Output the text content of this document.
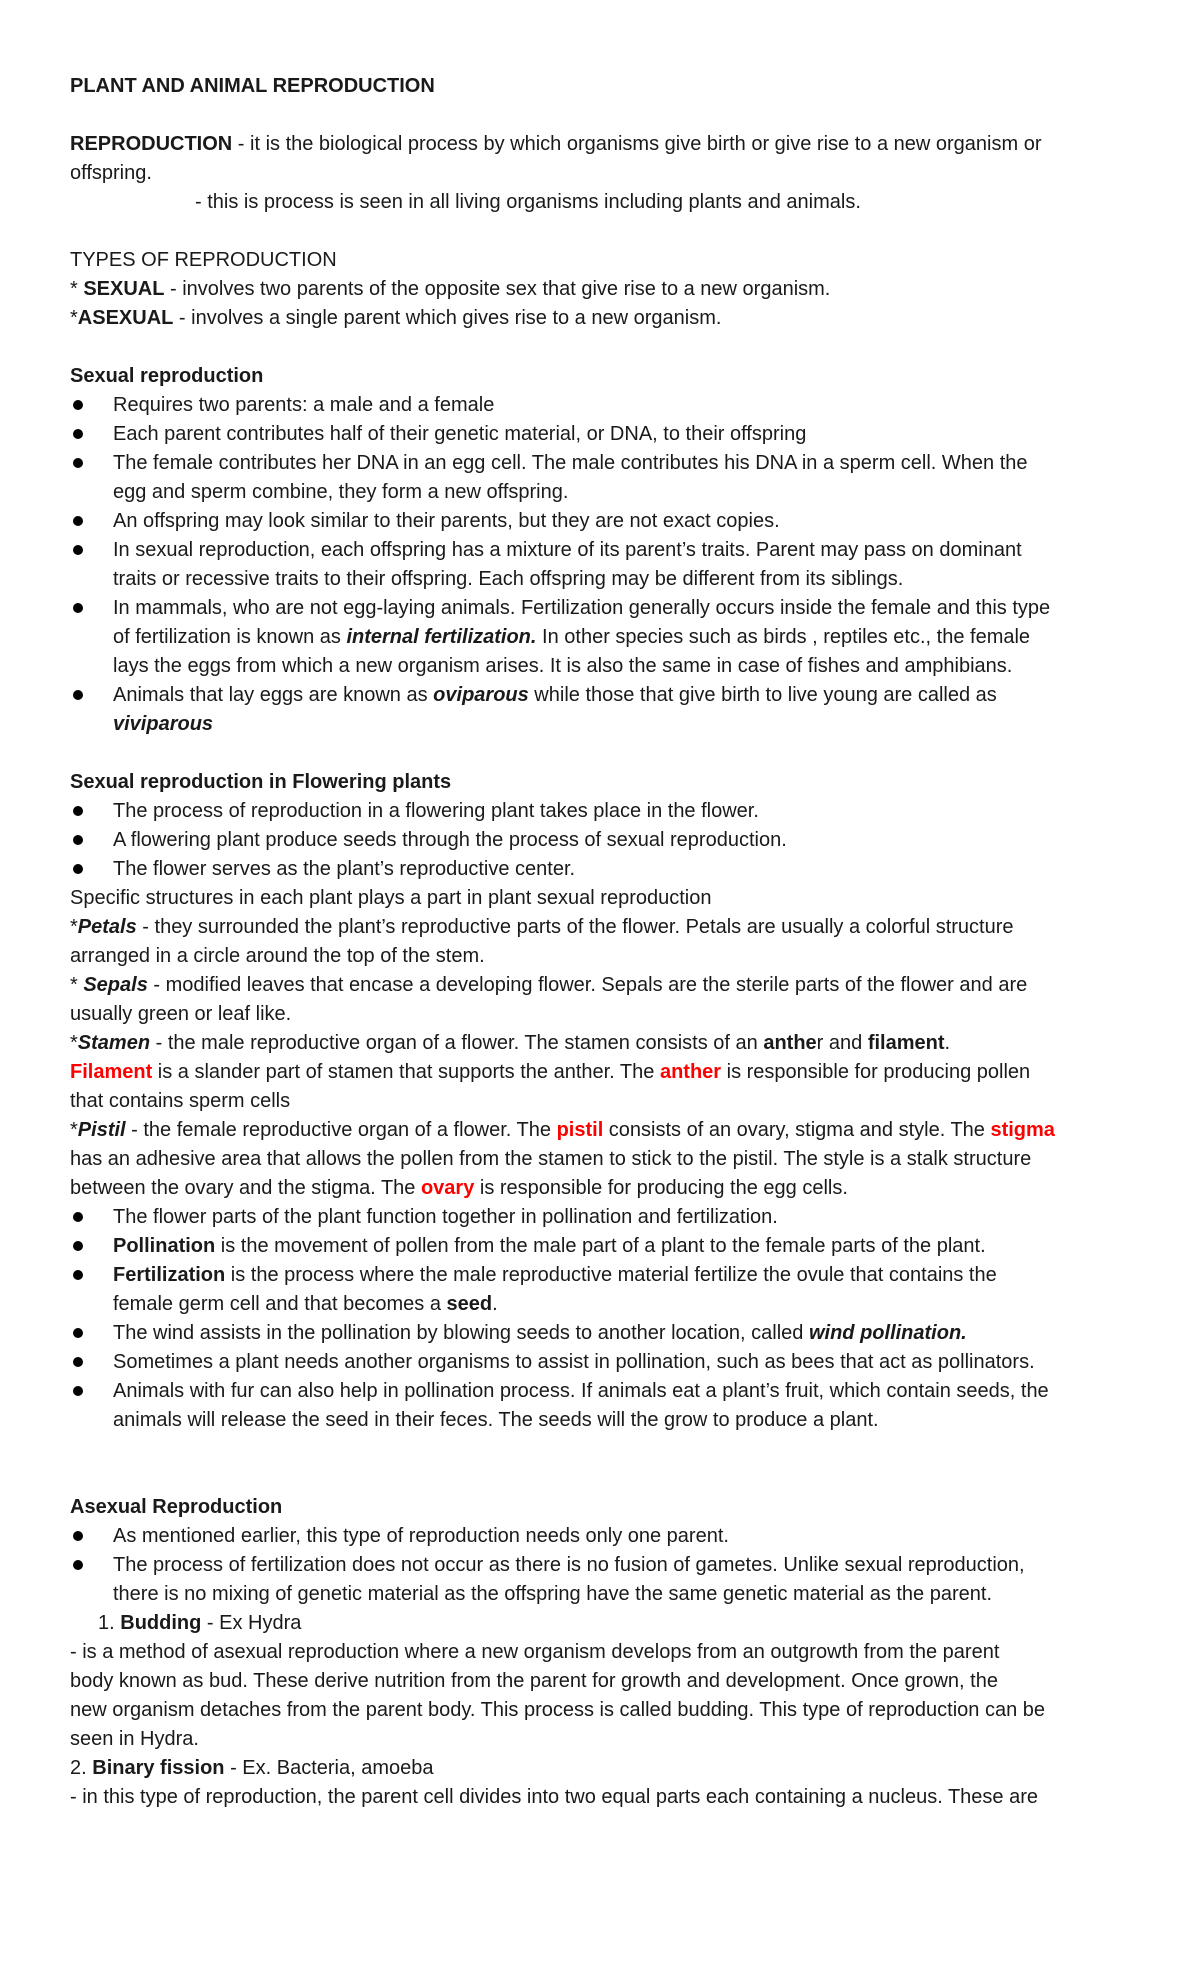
PLANT AND ANIMAL REPRODUCTION
REPRODUCTION - it is the biological process by which organisms give birth or give rise to a new organism or
offspring.
- this is process is seen in all living organisms including plants and animals.
TYPES OF REPRODUCTION
* SEXUAL - involves two parents of the opposite sex that give rise to a new organism.
*ASEXUAL - involves a single parent which gives rise to a new organism.
Sexual reproduction
Requires two parents: a male and a female
Each parent contributes half of their genetic material, or DNA, to their offspring
The female contributes her DNA in an egg cell. The male contributes his DNA in a sperm cell. When the
egg and sperm combine, they form a new offspring.
An offspring may look similar to their parents, but they are not exact copies.
In sexual reproduction, each offspring has a mixture of its parent’s traits. Parent may pass on dominant
traits or recessive traits to their offspring. Each offspring may be different from its siblings.
In mammals, who are not egg-laying animals. Fertilization generally occurs inside the female and this type
of fertilization is known as internal fertilization. In other species such as birds , reptiles etc., the female
lays the eggs from which a new organism arises. It is also the same in case of fishes and amphibians.
Animals that lay eggs are known as oviparous while those that give birth to live young are called as
viviparous
Sexual reproduction in Flowering plants
The process of reproduction in a flowering plant takes place in the flower.
A flowering plant produce seeds through the process of sexual reproduction.
The flower serves as the plant’s reproductive center.
Specific structures in each plant plays a part in plant sexual reproduction
*Petals - they surrounded the plant’s reproductive parts of the flower. Petals are usually a colorful structure
arranged in a circle around the top of the stem.
* Sepals - modified leaves that encase a developing flower. Sepals are the sterile parts of the flower and are
usually green or leaf like.
*Stamen - the male reproductive organ of a flower. The stamen consists of an anther and filament.
Filament is a slander part of stamen that supports the anther. The anther is responsible for producing pollen
that contains sperm cells
*Pistil - the female reproductive organ of a flower. The pistil consists of an ovary, stigma and style. The stigma
has an adhesive area that allows the pollen from the stamen to stick to the pistil. The style is a stalk structure
between the ovary and the stigma. The ovary is responsible for producing the egg cells.
The flower parts of the plant function together in pollination and fertilization.
Pollination is the movement of pollen from the male part of a plant to the female parts of the plant.
Fertilization is the process where the male reproductive material fertilize the ovule that contains the
female germ cell and that becomes a seed.
The wind assists in the pollination by blowing seeds to another location, called wind pollination.
Sometimes a plant needs another organisms to assist in pollination, such as bees that act as pollinators.
Animals with fur can also help in pollination process. If animals eat a plant’s fruit, which contain seeds, the
animals will release the seed in their feces. The seeds will the grow to produce a plant.
Asexual Reproduction
As mentioned earlier, this type of reproduction needs only one parent.
The process of fertilization does not occur as there is no fusion of gametes. Unlike sexual reproduction,
there is no mixing of genetic material as the offspring have the same genetic material as the parent.
1. Budding - Ex Hydra
- is a method of asexual reproduction where a new organism develops from an outgrowth from the parent
body known as bud. These derive nutrition from the parent for growth and development. Once grown, the
new organism detaches from the parent body. This process is called budding. This type of reproduction can be
seen in Hydra.
2. Binary fission - Ex. Bacteria, amoeba
- in this type of reproduction, the parent cell divides into two equal parts each containing a nucleus. These are
